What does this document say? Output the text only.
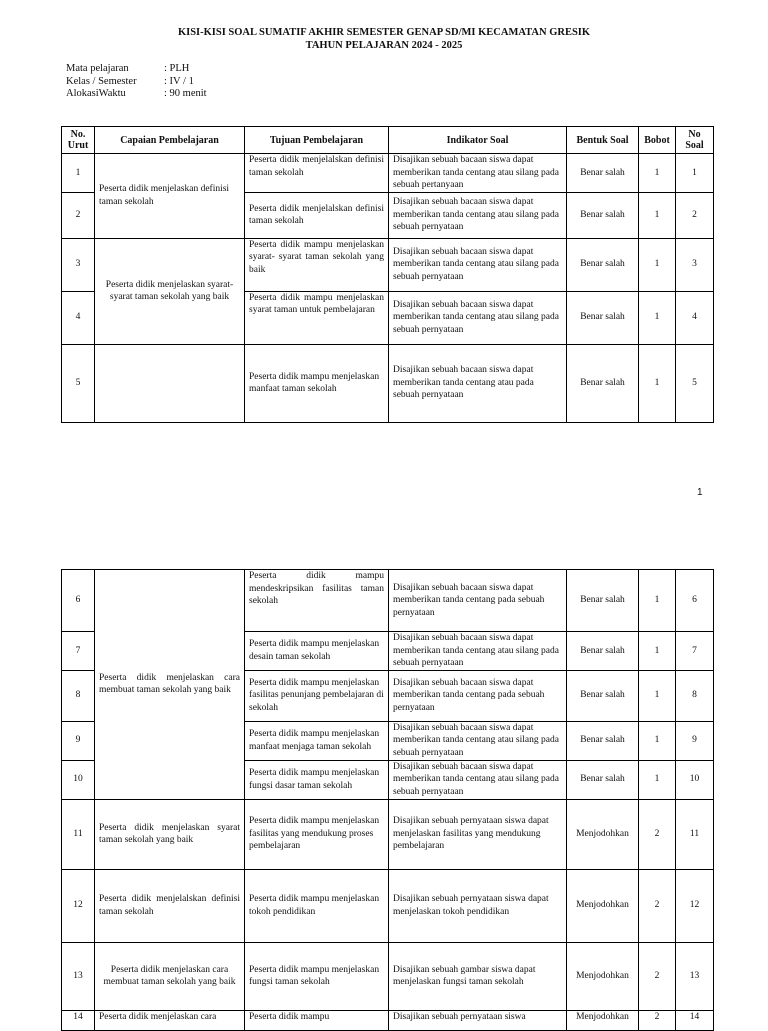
KISI-KISI SOAL SUMATIF AKHIR SEMESTER GENAP SD/MI KECAMATAN GRESIK
TAHUN PELAJARAN 2024 - 2025
Mata pelajaran	: PLH
Kelas / Semester	: IV / 1
AlokasiWaktu	: 90 menit
No. Urut	Capaian Pembelajaran	Tujuan Pembelajaran	Indikator Soal	Bentuk Soal	Bobot	No Soal
1	Peserta didik menjelaskan definisi taman sekolah	Peserta didik menjelalskan definisi taman sekolah	Disajikan sebuah bacaan siswa dapat memberikan tanda centang atau silang pada sebuah pertanyaan	Benar salah	1	1
2		Peserta didik menjelalskan definisi taman sekolah	Disajikan sebuah bacaan siswa dapat memberikan tanda centang atau silang pada sebuah pernyataan	Benar salah	1	2
3	Peserta didik menjelaskan syarat-syarat taman sekolah yang baik	Peserta didik mampu menjelaskan syarat- syarat taman sekolah yang baik	Disajikan sebuah bacaan siswa dapat memberikan tanda centang atau silang pada sebuah pernyataan	Benar salah	1	3
4		Peserta didik mampu menjelaskan syarat taman untuk pembelajaran	Disajikan sebuah bacaan siswa dapat memberikan tanda centang atau silang pada sebuah pernyataan	Benar salah	1	4
5		Peserta didik mampu menjelaskan manfaat taman sekolah	Disajikan sebuah bacaan siswa dapat memberikan tanda centang atau pada sebuah pernyataan	Benar salah	1	5
1
6	Peserta didik menjelaskan cara membuat taman sekolah yang baik	Peserta didik mampu mendeskripsikan fasilitas taman sekolah	Disajikan sebuah bacaan siswa dapat memberikan tanda centang pada sebuah pernyataan	Benar salah	1	6
7		Peserta didik mampu menjelaskan desain taman sekolah	Disajikan sebuah bacaan siswa dapat memberikan tanda centang atau silang pada sebuah pernyataan	Benar salah	1	7
8		Peserta didik mampu menjelaskan fasilitas penunjang pembelajaran di sekolah	Disajikan sebuah bacaan siswa dapat memberikan tanda centang pada sebuah pernyataan	Benar salah	1	8
9		Peserta didik mampu menjelaskan manfaat menjaga taman sekolah	Disajikan sebuah bacaan siswa dapat memberikan tanda centang atau silang pada sebuah pernyataan	Benar salah	1	9
10		Peserta didik mampu menjelaskan fungsi dasar taman sekolah	Disajikan sebuah bacaan siswa dapat memberikan tanda centang atau silang pada sebuah pernyataan	Benar salah	1	10
11	Peserta didik menjelaskan syarat taman sekolah yang baik	Peserta didik mampu menjelaskan fasilitas yang mendukung proses pembelajaran	Disajikan sebuah pernyataan siswa dapat menjelaskan fasilitas yang mendukung pembelajaran	Menjodohkan	2	11
12	Peserta didik menjelalskan definisi taman sekolah	Peserta didik mampu menjelaskan tokoh pendidikan	Disajikan sebuah pernyataan siswa dapat menjelaskan tokoh pendidikan	Menjodohkan	2	12
13	Peserta didik menjelaskan cara membuat taman sekolah yang baik	Peserta didik mampu menjelaskan fungsi taman sekolah	Disajikan sebuah gambar siswa dapat menjelaskan fungsi taman sekolah	Menjodohkan	2	13
14	Peserta didik menjelaskan cara	Peserta didik mampu	Disajikan sebuah pernyataan siswa	Menjodohkan	2	14
